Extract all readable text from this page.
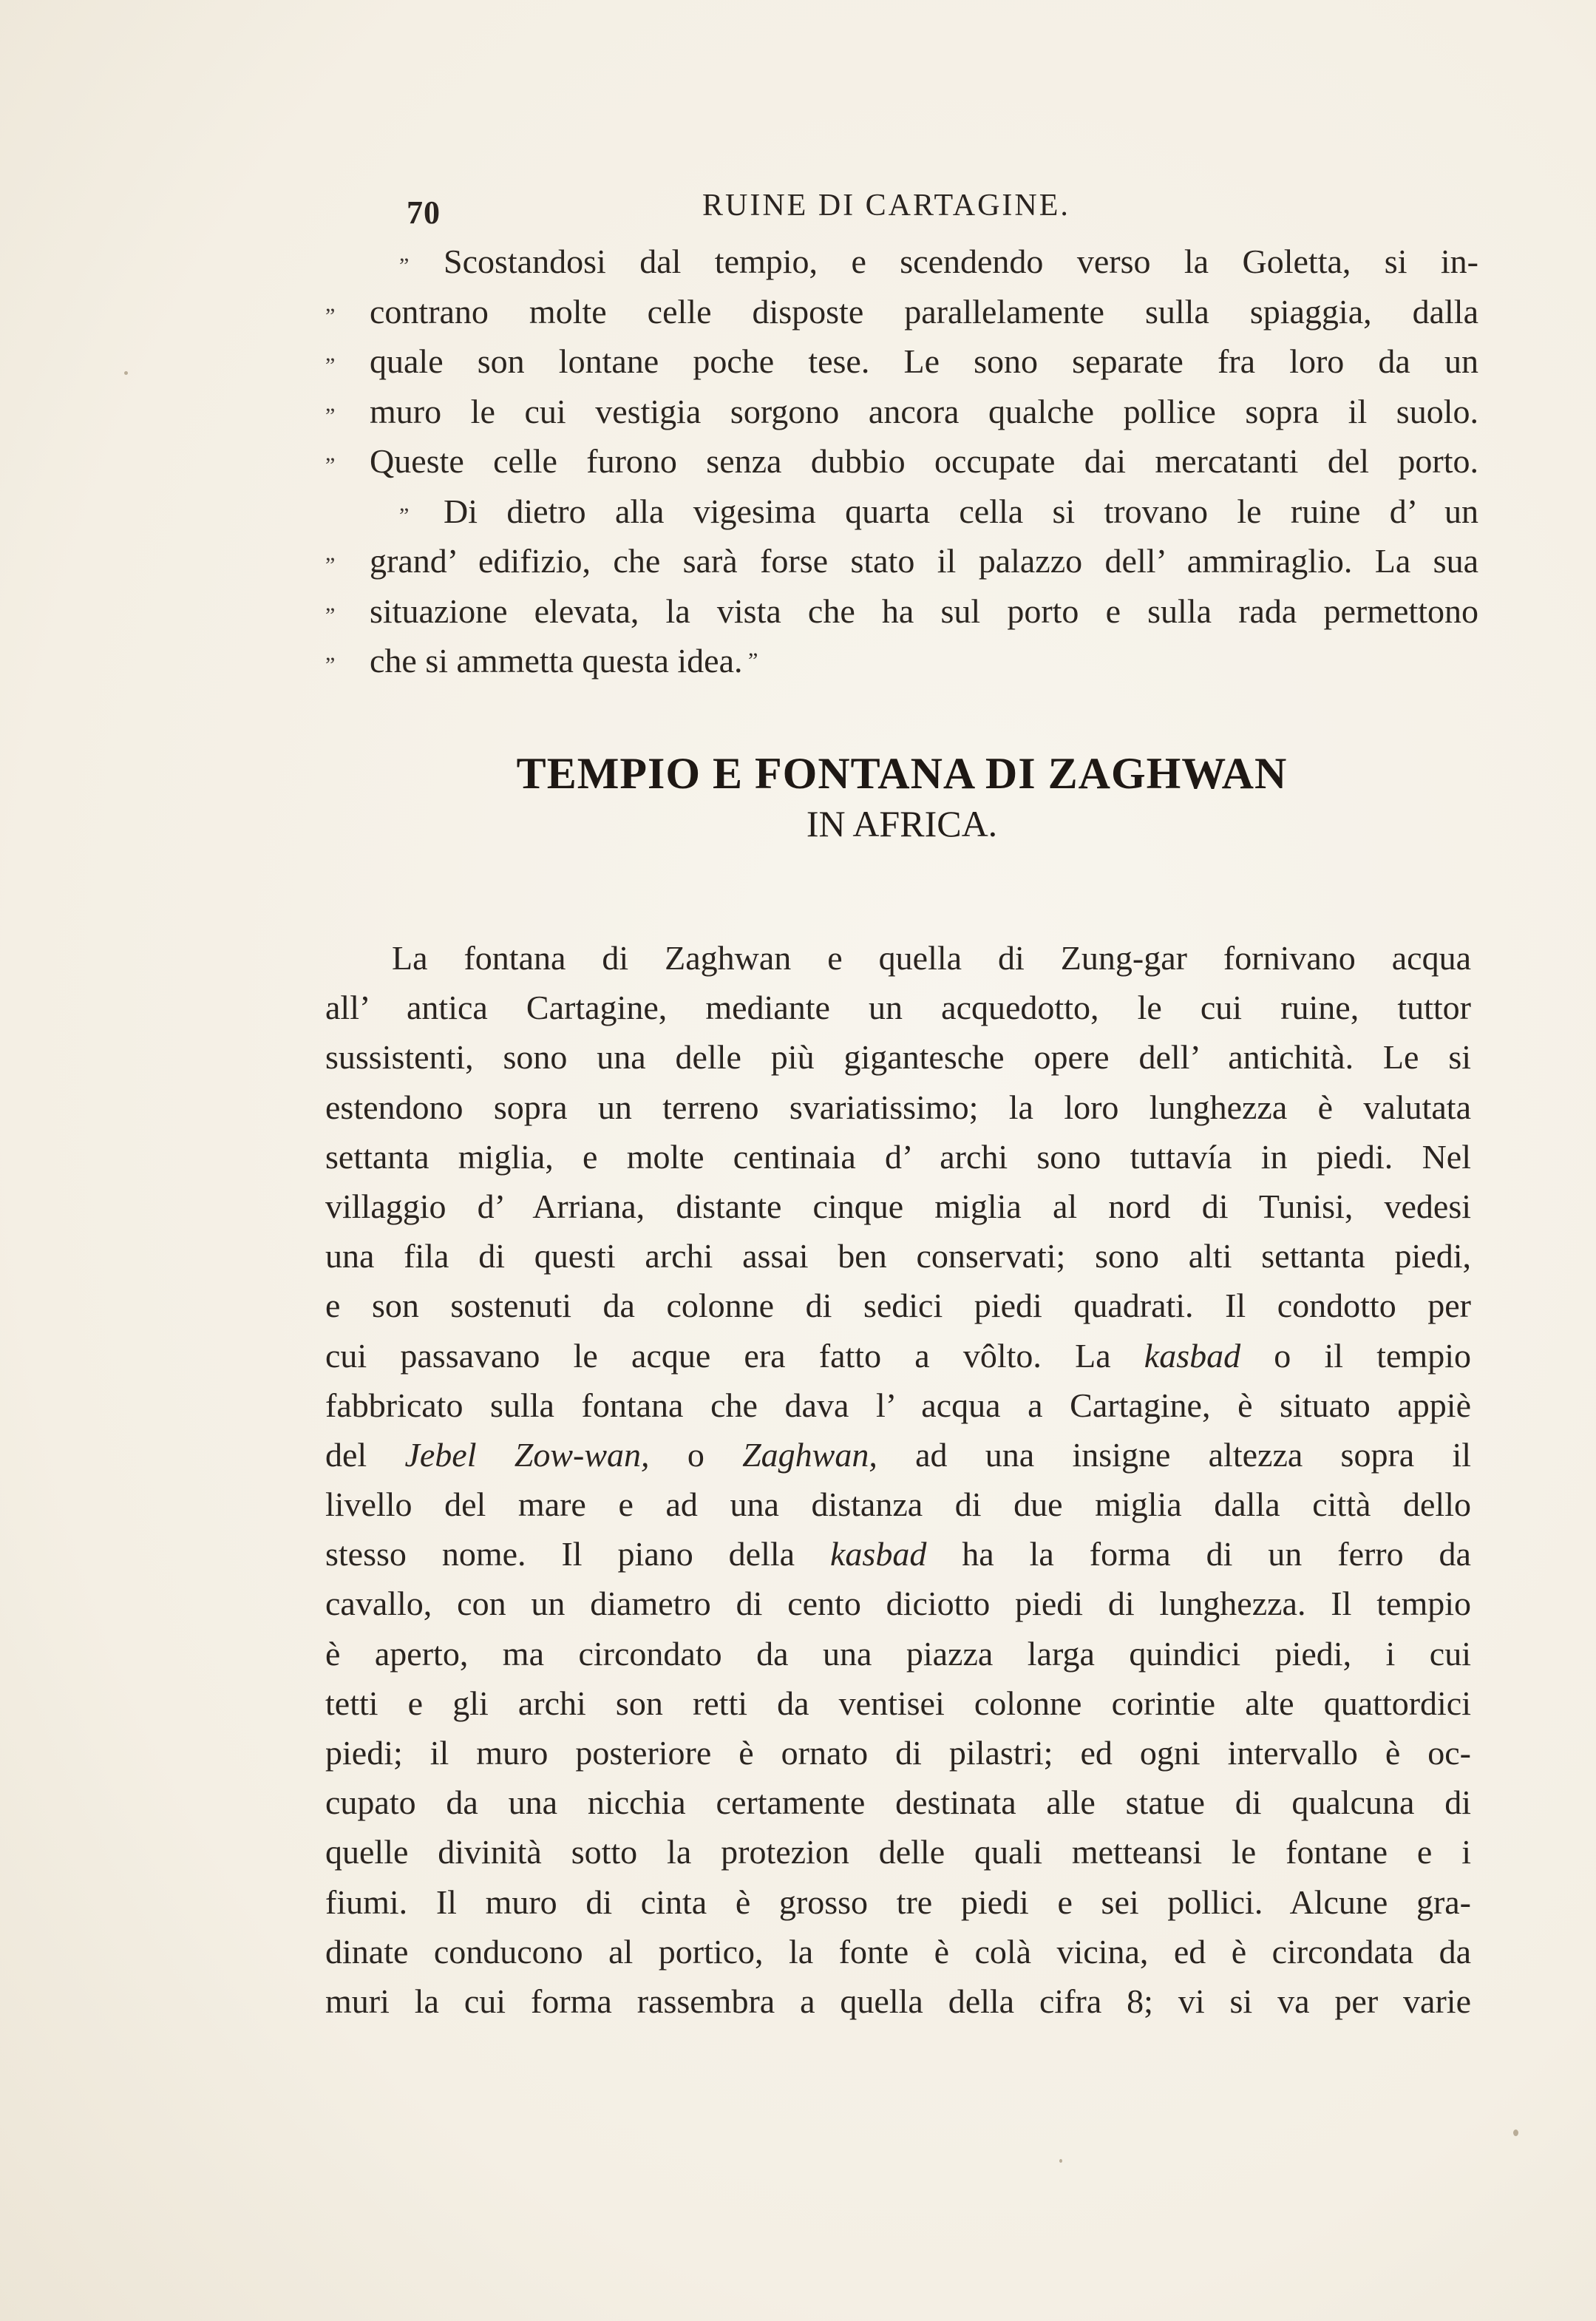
70	RUINE DI CARTAGINE.
” Scostandosi dal tempio, e scendendo verso la Goletta, si in-
” contrano molte celle disposte parallelamente sulla spiaggia, dalla
” quale son lontane poche tese. Le sono separate fra loro da un
” muro le cui vestigia sorgono ancora qualche pollice sopra il suolo.
” Queste celle furono senza dubbio occupate dai mercatanti del porto.
” Di dietro alla vigesima quarta cella si trovano le ruine d’ un
” grand’ edifizio, che sarà forse stato il palazzo dell’ ammiraglio. La sua
” situazione elevata, la vista che ha sul porto e sulla rada permettono
” che si ammetta questa idea. ”
TEMPIO E FONTANA DI ZAGHWAN
IN AFRICA.
La fontana di Zaghwan e quella di Zung-gar fornivano acqua
all’ antica Cartagine, mediante un acquedotto, le cui ruine, tuttor
sussistenti, sono una delle più gigantesche opere dell’ antichità. Le si
estendono sopra un terreno svariatissimo; la loro lunghezza è valutata
settanta miglia, e molte centinaia d’ archi sono tuttavía in piedi. Nel
villaggio d’ Arriana, distante cinque miglia al nord di Tunisi, vedesi
una fila di questi archi assai ben conservati; sono alti settanta piedi,
e son sostenuti da colonne di sedici piedi quadrati. Il condotto per
cui passavano le acque era fatto a vôlto. La kasbad o il tempio
fabbricato sulla fontana che dava l’ acqua a Cartagine, è situato appiè
del Jebel Zow-wan, o Zaghwan, ad una insigne altezza sopra il
livello del mare e ad una distanza di due miglia dalla città dello
stesso nome. Il piano della kasbad ha la forma di un ferro da
cavallo, con un diametro di cento diciotto piedi di lunghezza. Il tempio
è aperto, ma circondato da una piazza larga quindici piedi, i cui
tetti e gli archi son retti da ventisei colonne corintie alte quattordici
piedi; il muro posteriore è ornato di pilastri; ed ogni intervallo è oc-
cupato da una nicchia certamente destinata alle statue di qualcuna di
quelle divinità sotto la protezion delle quali metteansi le fontane e i
fiumi. Il muro di cinta è grosso tre piedi e sei pollici. Alcune gra-
dinate conducono al portico, la fonte è colà vicina, ed è circondata da
muri la cui forma rassembra a quella della cifra 8; vi si va per varie
